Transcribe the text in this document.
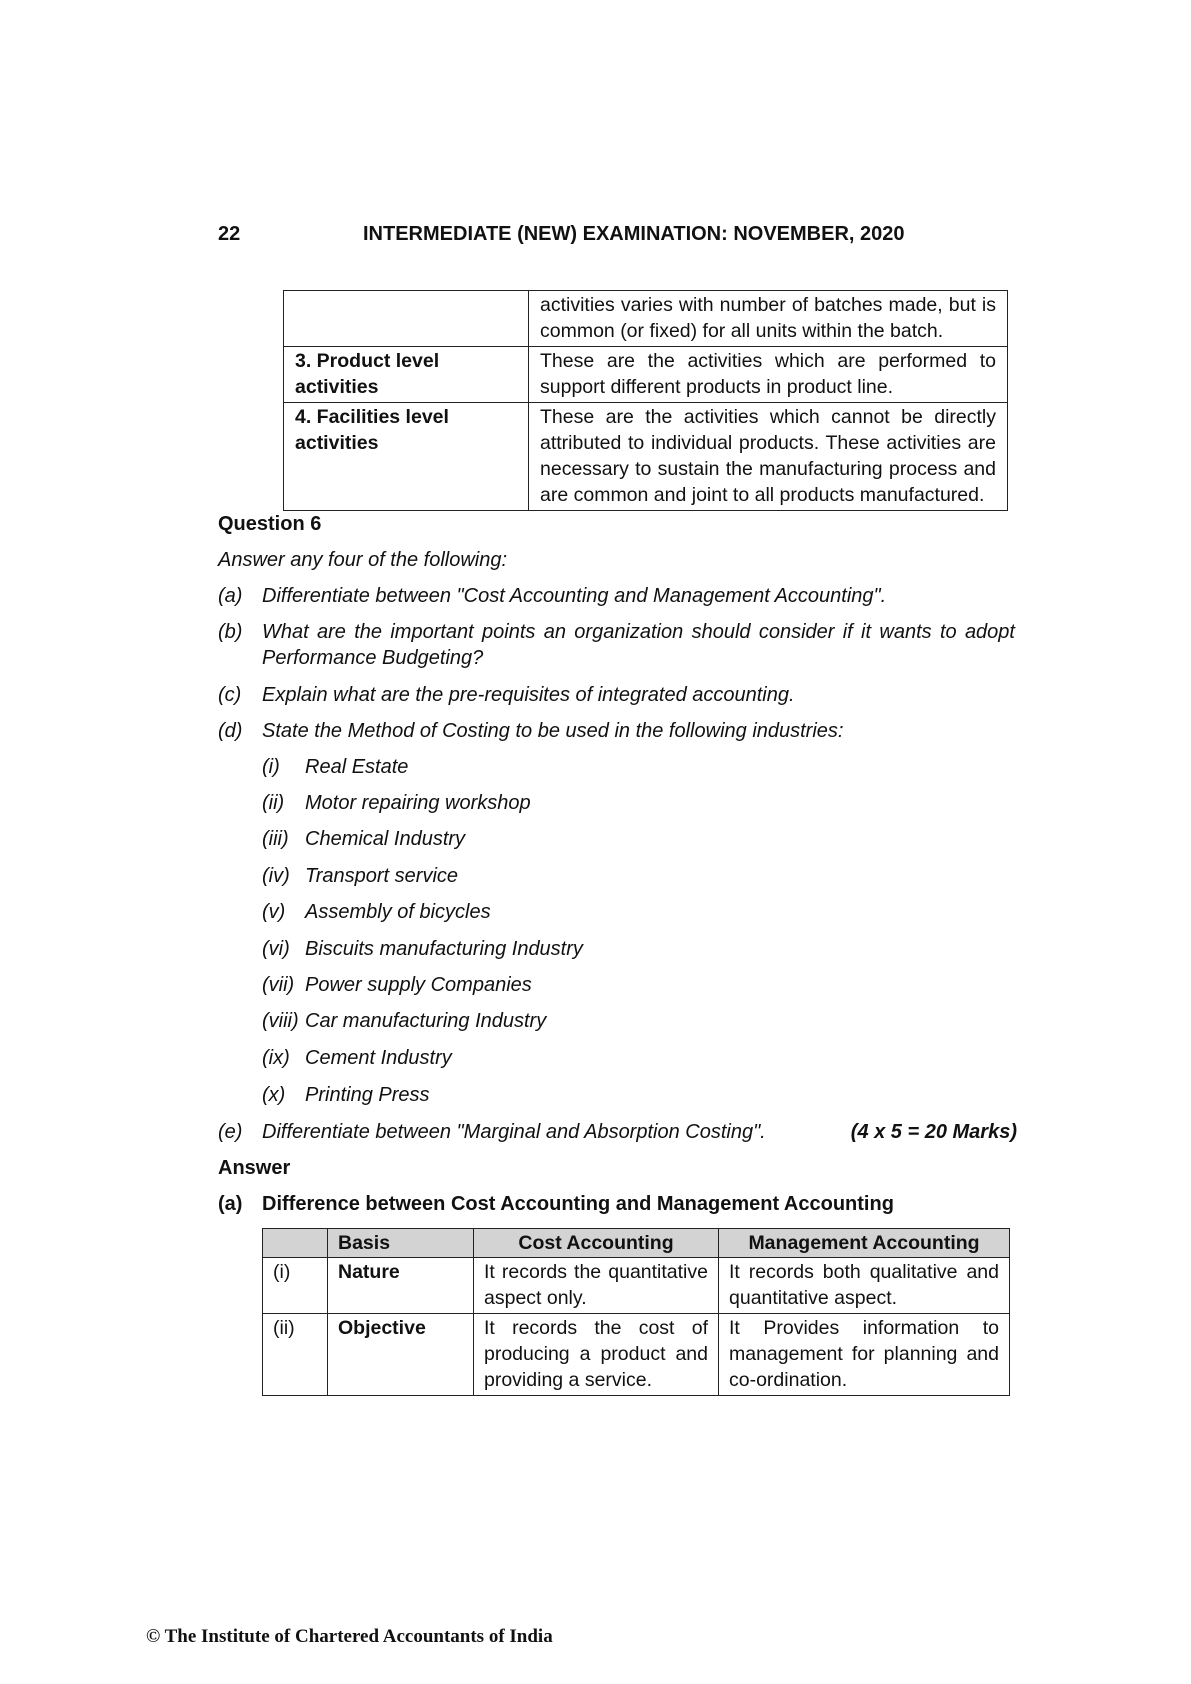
22	INTERMEDIATE (NEW) EXAMINATION: NOVEMBER, 2020
	activities varies with number of batches made, but is common (or fixed) for all units within the batch.
3. Product level activities	These are the activities which are performed to support different products in product line.
4. Facilities level activities	These are the activities which cannot be directly attributed to individual products. These activities are necessary to sustain the manufacturing process and are common and joint to all products manufactured.
Question 6
Answer any four of the following:
(a) Differentiate between "Cost Accounting and Management Accounting".
(b) What are the important points an organization should consider if it wants to adopt
Performance Budgeting?
(c) Explain what are the pre-requisites of integrated accounting.
(d) State the Method of Costing to be used in the following industries:
(i) Real Estate
(ii) Motor repairing workshop
(iii) Chemical Industry
(iv) Transport service
(v) Assembly of bicycles
(vi) Biscuits manufacturing Industry
(vii) Power supply Companies
(viii) Car manufacturing Industry
(ix) Cement Industry
(x) Printing Press
(e) Differentiate between "Marginal and Absorption Costing".	(4 x 5 = 20 Marks)
Answer
(a) Difference between Cost Accounting and Management Accounting
	Basis	Cost Accounting	Management Accounting
(i)	Nature	It records the quantitative aspect only.	It records both qualitative and quantitative aspect.
(ii)	Objective	It records the cost of producing a product and providing a service.	It Provides information to management for planning and co-ordination.
© The Institute of Chartered Accountants of India
